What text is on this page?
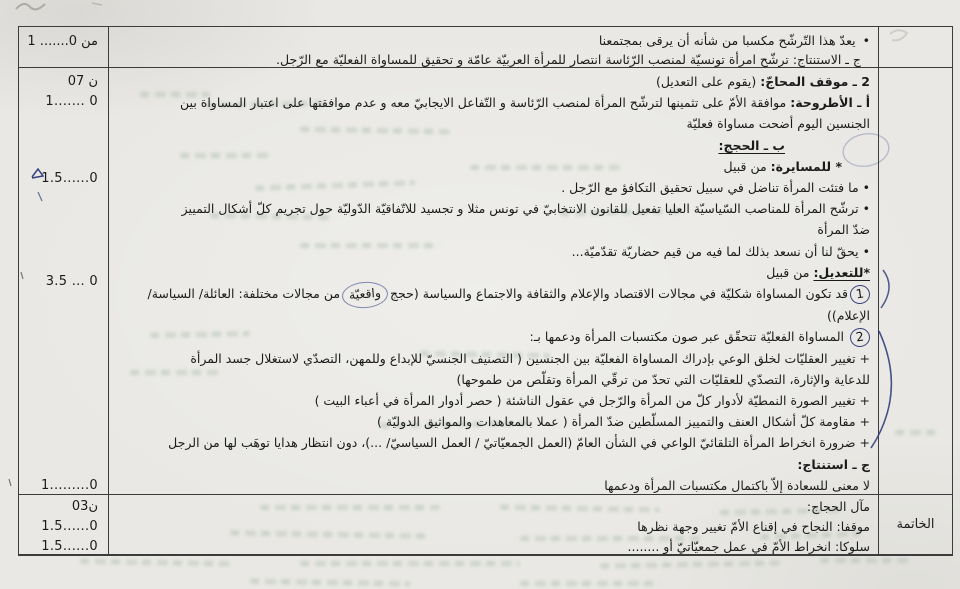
1 .......0 من	• يعدّ هذا التّرشّح مكسبا من شأنه أن يرقى بمجتمعنا
ج ـ الاستنتاج: ترشّح امرأة تونسيّة لمنصب الرّئاسة انتصار للمرأة العربيّة عامّة و تحقيق للمساواة الفعليّة مع الرّجل.
07 ن
1....... 0
1.5......0
3.5 ... 0
1.........0
2 ـ موقف المحاجّ: (يقوم على التعديل)
أ ـ الأطروحة: موافقة الأمّ على تثمينها لترشّح المرأة لمنصب الرّئاسة و التّفاعل الايجابيّ معه و عدم موافقتها على اعتبار المساواة بين
الجنسين اليوم أضحت مساواة فعليّة
ب ـ الحجج:
* للمسايرة: من قبيل
• ما فتئت المرأة تناضل في سبيل تحقيق التكافؤ مع الرّجل .
• ترشّح المرأة للمناصب السّياسيّة العليا تفعيل للقانون الانتخابيّ في تونس مثلا و تجسيد للاتّفاقيّة الدّوليّة حول تجريم كلّ أشكال التمييز
ضدّ المرأة
• يحقّ لنا أن نسعد بذلك لما فيه من قيم حضاريّة تقدّميّة...
*للتعديل: من قبيل
1قد تكون المساواة شكليّة في مجالات الاقتصاد والإعلام والثقافة والاجتماع والسياسة (حجج واقعيّة من مجالات مختلفة: العائلة/ السياسة/
الإعلام))
2 المساواة الفعليّة تتحقّق عبر صون مكتسبات المرأة ودعمها بـ:
+ تغيير العقليّات لخلق الوعي بإدراك المساواة الفعليّة بين الجنسين ( التصنيف الجنسيّ للإبداع وللمهن، التصدّي لاستغلال جسد المرأة
للدعاية والإثارة، التصدّي للعقليّات التي تحدّ من ترقّي المرأة وتقلّص من طموحها)
+ تغيير الصورة النمطيّة لأدوار كلّ من المرأة والرّجل في عقول الناشئة ( حصر أدوار المرأة في أعباء البيت )
+ مقاومة كلّ أشكال العنف والتمييز المسلّطين ضدّ المرأة ( عملا بالمعاهدات والمواثيق الدوليّة )
+ ضرورة انخراط المرأة التلقائيّ الواعي في الشأن العامّ (العمل الجمعيّاتيّ / العمل السياسيّ/ ...)، دون انتظار هدايا توهَب لها من الرجل
ج ـ استنتاج:
لا معنى للسعادة إلاّ باكتمال مكتسبات المرأة ودعمها
03ن
1.5......0
1.5......0
مآل الحجاج:
موقفا: النجاح في إقناع الأمّ تغيير وجهة نظرها
سلوكا: انخراط الأمّ في عمل جمعيّاتيّ أو ........
الخاتمة
